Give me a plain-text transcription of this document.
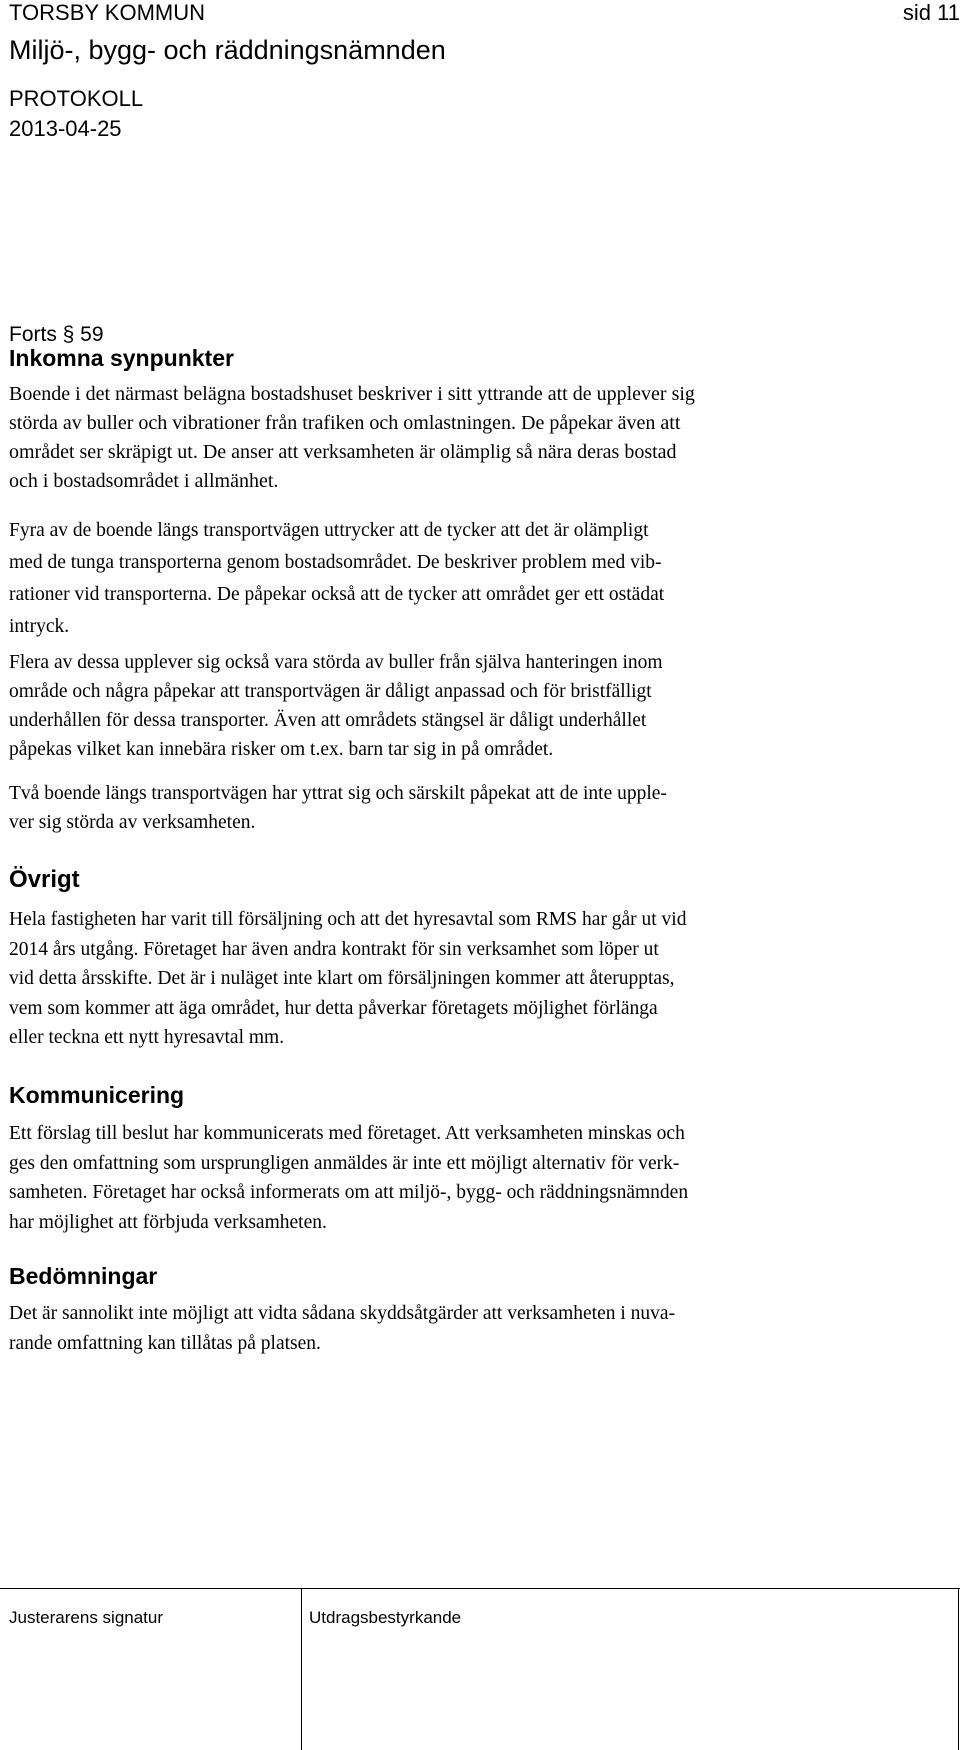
TORSBY KOMMUN	sid 11
Miljö-, bygg- och räddningsnämnden
PROTOKOLL
2013-04-25
Forts § 59
Inkomna synpunkter
Boende i det närmast belägna bostadshuset beskriver i sitt yttrande att de upplever sig
störda av buller och vibrationer från trafiken och omlastningen. De påpekar även att
området ser skräpigt ut. De anser att verksamheten är olämplig så nära deras bostad
och i bostadsområdet i allmänhet.
Fyra av de boende längs transportvägen uttrycker att de tycker att det är olämpligt
med de tunga transporterna genom bostadsområdet. De beskriver problem med vib-
rationer vid transporterna. De påpekar också att de tycker att området ger ett ostädat
intryck.
Flera av dessa upplever sig också vara störda av buller från själva hanteringen inom
område och några påpekar att transportvägen är dåligt anpassad och för bristfälligt
underhållen för dessa transporter. Även att områdets stängsel är dåligt underhållet
påpekas vilket kan innebära risker om t.ex. barn tar sig in på området.
Två boende längs transportvägen har yttrat sig och särskilt påpekat att de inte upple-
ver sig störda av verksamheten.
Övrigt
Hela fastigheten har varit till försäljning och att det hyresavtal som RMS har går ut vid
2014 års utgång. Företaget har även andra kontrakt för sin verksamhet som löper ut
vid detta årsskifte. Det är i nuläget inte klart om försäljningen kommer att återupptas,
vem som kommer att äga området, hur detta påverkar företagets möjlighet förlänga
eller teckna ett nytt hyresavtal mm.
Kommunicering
Ett förslag till beslut har kommunicerats med företaget. Att verksamheten minskas och
ges den omfattning som ursprungligen anmäldes är inte ett möjligt alternativ för verk-
samheten. Företaget har också informerats om att miljö-, bygg- och räddningsnämnden
har möjlighet att förbjuda verksamheten.
Bedömningar
Det är sannolikt inte möjligt att vidta sådana skyddsåtgärder att verksamheten i nuva-
rande omfattning kan tillåtas på platsen.
Justerarens signatur	Utdragsbestyrkande
